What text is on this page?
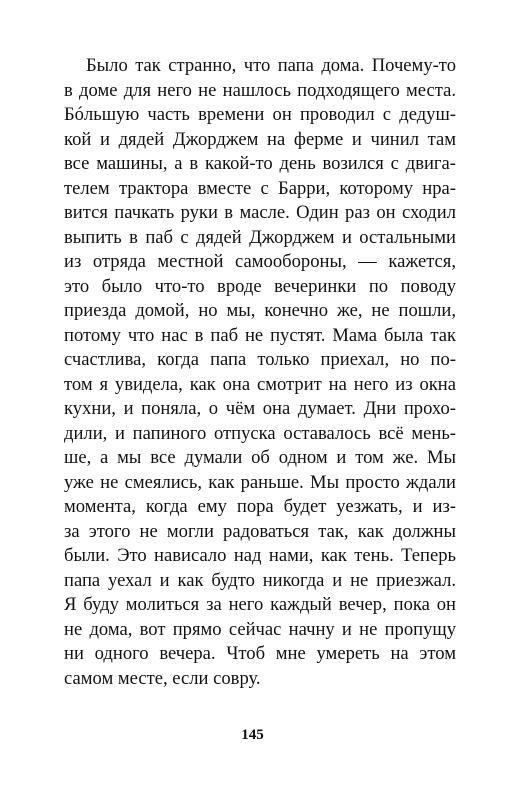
Было так странно, что папа дома. Почему-то
в доме для него не нашлось подходящего места.
Бóльшую часть времени он проводил с дедуш-
кой и дядей Джорджем на ферме и чинил там
все машины, а в какой-то день возился с двига-
телем трактора вместе с Барри, которому нра-
вится пачкать руки в масле. Один раз он сходил
выпить в паб с дядей Джорджем и остальными
из отряда местной самообороны, — кажется,
это было что-то вроде вечеринки по поводу
приезда домой, но мы, конечно же, не пошли,
потому что нас в паб не пустят. Мама была так
счастлива, когда папа только приехал, но по-
том я увидела, как она смотрит на него из окна
кухни, и поняла, о чём она думает. Дни прохо-
дили, и папиного отпуска оставалось всё мень-
ше, а мы все думали об одном и том же. Мы
уже не смеялись, как раньше. Мы просто ждали
момента, когда ему пора будет уезжать, и из-
за этого не могли радоваться так, как должны
были. Это нависало над нами, как тень. Теперь
папа уехал и как будто никогда и не приезжал.
Я буду молиться за него каждый вечер, пока он
не дома, вот прямо сейчас начну и не пропущу
ни одного вечера. Чтоб мне умереть на этом
самом месте, если совру.
145
